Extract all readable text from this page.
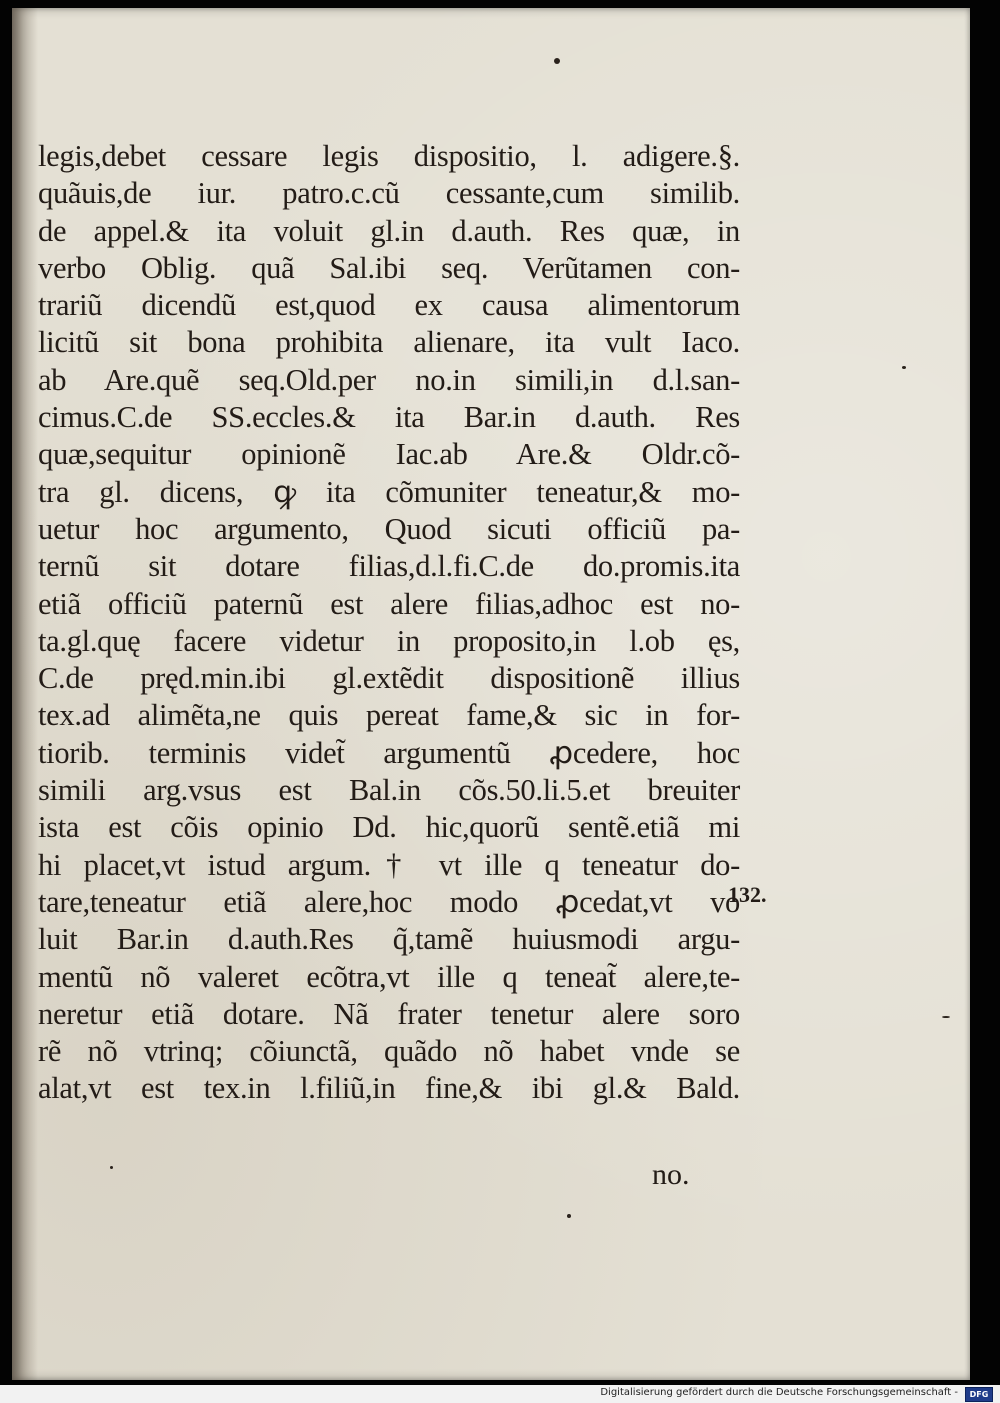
legis,debet cessare legis dispositio, l. adigere.§.
quãuis,de iur. patro.c.cũ cessante,cum similib.
de appel.& ita voluit gl.in d.auth. Res quæ, in
verbo Oblig. quã Sal.ibi seq. Verũtamen con-
trariũ dicendũ est,quod ex causa alimentorum
licitũ sit bona prohibita alienare, ita vult Iaco.
ab Are.quẽ seq.Old.per no.in simili,in d.l.san-
cimus.C.de SS.eccles.& ita Bar.in d.auth. Res
quæ,sequitur opinionẽ Iac.ab Are.& Oldr.cõ-
tra gl. dicens, ꝙ ita cõmuniter teneatur,& mo-
uetur hoc argumento, Quod sicuti officiũ pa-
ternũ sit dotare filias,d.l.fi.C.de do.promis.ita
etiã officiũ paternũ est alere filias,adhoc est no-
ta.gl.quę facere videtur in proposito,in l.ob ęs,
C.de pręd.min.ibi gl.extẽdit dispositionẽ illius
tex.ad alimẽta,ne quis pereat fame,& sic in for-
tiorib. terminis videt̃ argumentũ ꝓcedere, hoc
simili arg.vsus est Bal.in cõs.50.li.5.et breuiter
ista est cõis opinio Dd. hic,quorũ sentẽ.etiã mi
hi placet,vt istud argum.† vt ille q teneatur do-
tare,teneatur etiã alere,hoc modo ꝓcedat,vt vo
luit Bar.in d.auth.Res q̃,tamẽ huiusmodi argu-
mentũ nõ valeret ecõtra,vt ille q teneat̃ alere,te-
neretur etiã dotare. Nã frater tenetur alere soro
rẽ nõ vtrinq; cõiunctã, quãdo nõ habet vnde se
alat,vt est tex.in l.filiũ,in fine,& ibi gl.& Bald.
132.
no.
Digitalisierung gefördert durch die Deutsche Forschungsgemeinschaft -	DFG
